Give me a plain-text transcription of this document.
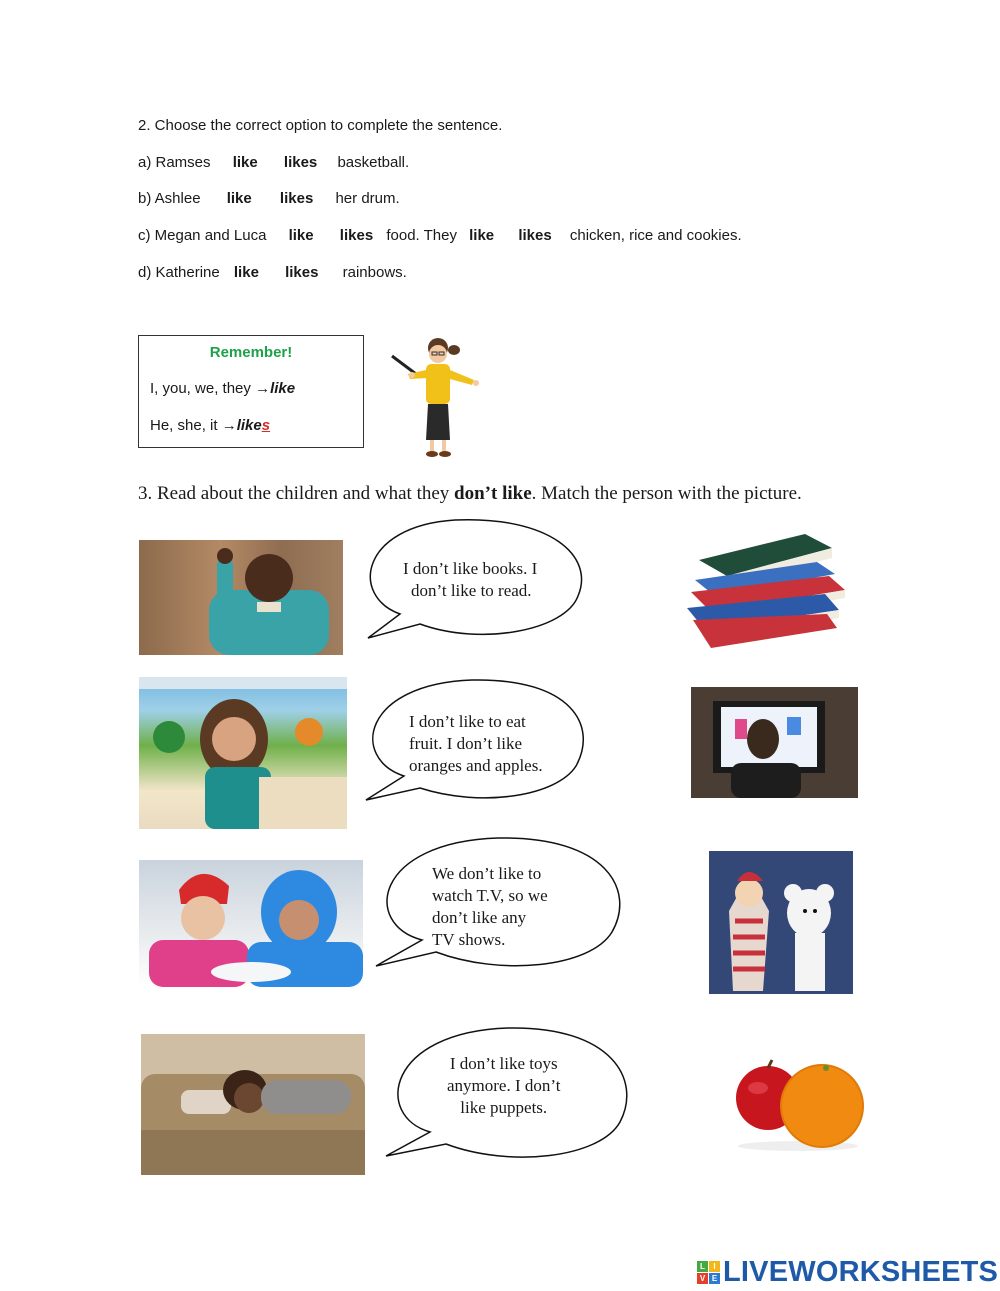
2. Choose the correct option to complete the sentence.
a) Ramses like likes basketball.
b) Ashlee like likes her drum.
c) Megan and Luca like likes food. They like likes chicken, rice and cookies.
d) Katherine like likes rainbows.
Remember!
I, you, we, they →like
He, she, it →likes
3. Read about the children and what they don’t like. Match the person with the picture.
I don’t like books. I
don’t like to read.
I don’t like to eat
fruit. I don’t like
oranges and apples.
We don’t like to
watch T.V, so we
don’t like any
TV shows.
I don’t like toys
anymore. I don’t
like puppets.
L	I
V E LIVEWORKSHEETS
